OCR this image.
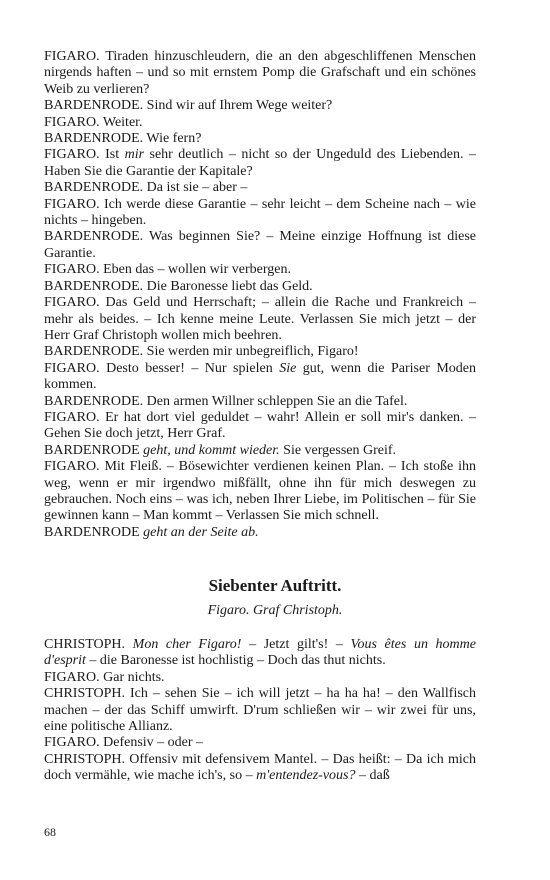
FIGARO. Tiraden hinzuschleudern, die an den abgeschliffenen Menschen nirgends haften – und so mit ernstem Pomp die Grafschaft und ein schönes Weib zu verlieren?

BARDENRODE. Sind wir auf Ihrem Wege weiter?

FIGARO. Weiter.

BARDENRODE. Wie fern?

FIGARO. Ist mir sehr deutlich – nicht so der Ungeduld des Liebenden. – Haben Sie die Garantie der Kapitale?

BARDENRODE. Da ist sie – aber –

FIGARO. Ich werde diese Garantie – sehr leicht – dem Scheine nach – wie nichts – hingeben.

BARDENRODE. Was beginnen Sie? – Meine einzige Hoffnung ist diese Garantie.

FIGARO. Eben das – wollen wir verbergen.

BARDENRODE. Die Baronesse liebt das Geld.

FIGARO. Das Geld und Herrschaft; – allein die Rache und Frankreich – mehr als beides. – Ich kenne meine Leute. Verlassen Sie mich jetzt – der Herr Graf Christoph wollen mich beehren.

BARDENRODE. Sie werden mir unbegreiflich, Figaro!

FIGARO. Desto besser! – Nur spielen Sie gut, wenn die Pariser Moden kommen.

BARDENRODE. Den armen Willner schleppen Sie an die Tafel.

FIGARO. Er hat dort viel geduldet – wahr! Allein er soll mir's danken. – Gehen Sie doch jetzt, Herr Graf.

BARDENRODE geht, und kommt wieder. Sie vergessen Greif.

FIGARO. Mit Fleiß. – Bösewichter verdienen keinen Plan. – Ich stoße ihn weg, wenn er mir irgendwo mißfällt, ohne ihn für mich deswegen zu gebrauchen. Noch eins – was ich, neben Ihrer Liebe, im Politischen – für Sie gewinnen kann – Man kommt – Verlassen Sie mich schnell.

BARDENRODE geht an der Seite ab.

Siebenter Auftritt.
Figaro. Graf Christoph.

CHRISTOPH. Mon cher Figaro! – Jetzt gilt's! – Vous êtes un homme d'esprit – die Baronesse ist hochlistig – Doch das thut nichts.

FIGARO. Gar nichts.

CHRISTOPH. Ich – sehen Sie – ich will jetzt – ha ha ha! – den Wallfisch machen – der das Schiff umwirft. D'rum schließen wir – wir zwei für uns, eine politische Allianz.

FIGARO. Defensiv – oder –

CHRISTOPH. Offensiv mit defensivem Mantel. – Das heißt: – Da ich mich doch vermähle, wie mache ich's, so – m'entendez-vous? – daß

68
